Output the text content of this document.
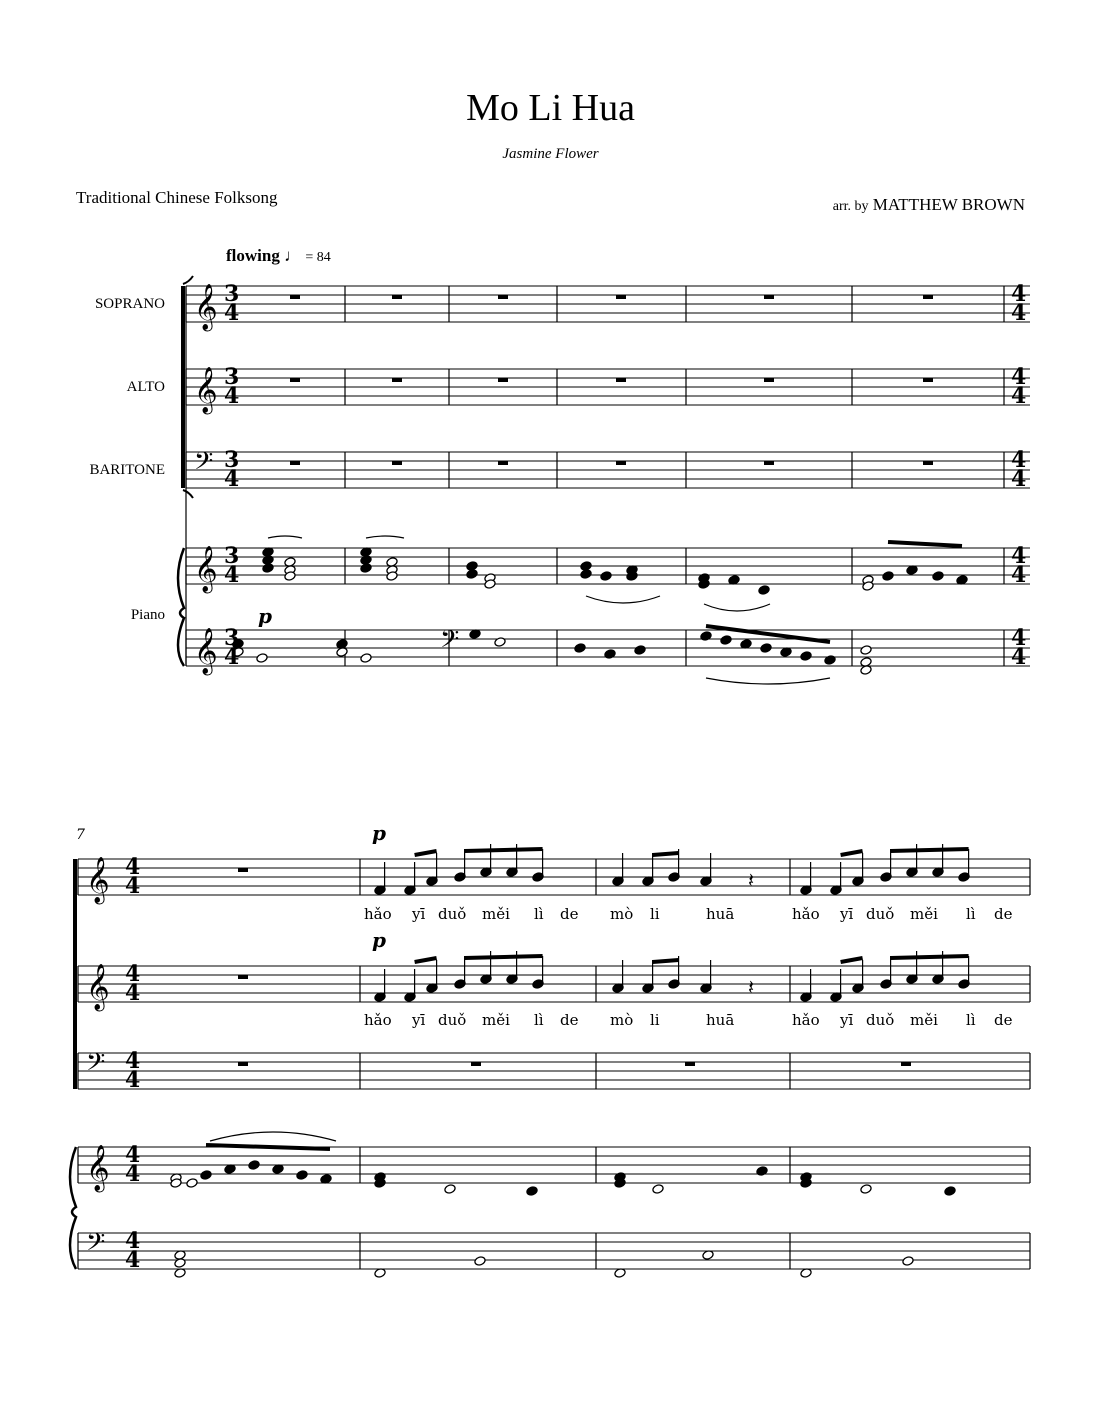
Mo Li Hua
Jasmine Flower
Traditional Chinese Folksong	arr. by MATTHEW BROWN
flowing ♩ = 84
SOPRANO
ALTO
BARITONE
Piano
𝄞
𝄞
𝄢
𝄞
𝄞	𝄢
𝄞
𝄞
𝄢
𝄞
𝄢
𝄽
𝄽
3
4
3
4
3
4
3
4
3
4
4
4
4
4
4
4
4
4
4
4
4
4
4
4
4
4
4
4
4
4
p
p
p
7
hǎo yī duǒ měi lì de mò li	huā	hǎo yī duǒ měi lì de
hǎo yī duǒ měi lì de mò li	huā	hǎo yī duǒ měi lì de
